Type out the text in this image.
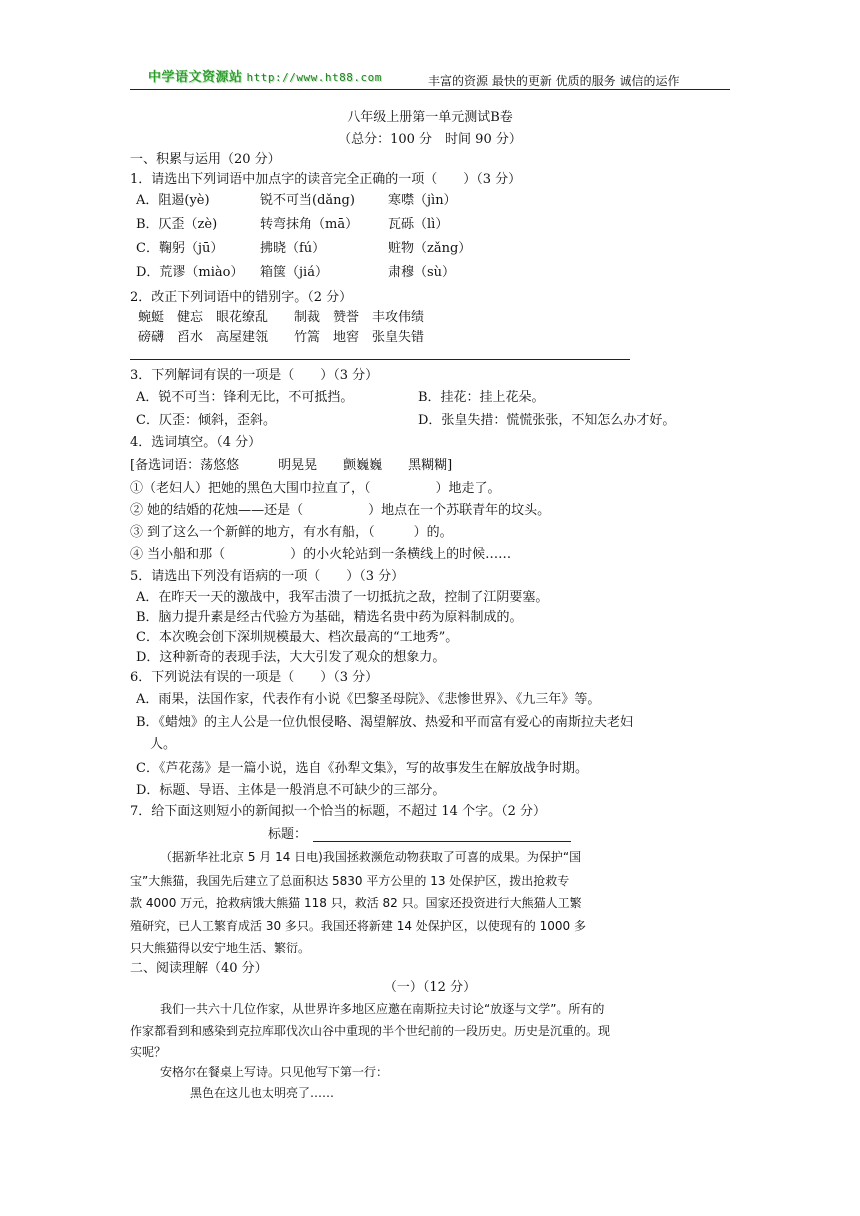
中学语文资源站 http://www.ht88.com	丰富的资源 最快的更新 优质的服务 诚信的运作
八年级上册第一单元测试B卷
（总分：100 分　时间 90 分）
一、积累与运用（20 分）
1．请选出下列词语中加点字的读音完全正确的一项（　　）（3 分）
A．阻遏(yè)	锐不可当(dǎng)	寒噤（jìn）
B．仄歪（zè)	转弯抹角（mā） 瓦砾（lì）
C．鞠躬（jū）	拂晓（fú）	赃物（zǎng）
D．荒谬（miào） 箱箧（jiá）	肃穆（sù）
2．改正下列词语中的错别字。（2 分）
蜿蜓　健忘　眼花缭乱　　制裁　赞誉　丰攻伟绩
磅礴　舀水　高屋建瓴　　竹篙　地窖　张皇失错
3．下列解词有误的一项是（　　）（3 分）
A．锐不可当：锋利无比，不可抵挡。	B．挂花：挂上花朵。
C．仄歪：倾斜，歪斜。	D．张皇失措：慌慌张张，不知怎么办才好。
4．选词填空。（4 分）
[备选词语：荡悠悠　　　明晃晃　　颤巍巍　　黑糊糊]
①（老妇人）把她的黑色大围巾拉直了，（　　　　　）地走了。
② 她的结婚的花烛——还是（　　　　　）地点在一个苏联青年的坟头。
③ 到了这么一个新鲜的地方，有水有船，（　　　）的。
④ 当小船和那（　　　　　）的小火轮站到一条横线上的时候……
5．请选出下列没有语病的一项（　　）（3 分）
A．在昨天一天的激战中，我军击溃了一切抵抗之敌，控制了江阴要塞。
B．脑力提升素是经古代验方为基础，精选名贵中药为原料制成的。
C．本次晚会创下深圳规模最大、档次最高的“工地秀”。
D．这种新奇的表现手法，大大引发了观众的想象力。
6．下列说法有误的一项是（　　）（3 分）
A．雨果，法国作家，代表作有小说《巴黎圣母院》、《悲惨世界》、《九三年》等。
B．《蜡烛》的主人公是一位仇恨侵略、渴望解放、热爱和平而富有爱心的南斯拉夫老妇
人。
C．《芦花荡》是一篇小说，选自《孙犁文集》，写的故事发生在解放战争时期。
D．标题、导语、主体是一般消息不可缺少的三部分。
7．给下面这则短小的新闻拟一个恰当的标题，不超过 14 个字。（2 分）
标题：
（据新华社北京 5 月 14 日电)我国拯救濒危动物获取了可喜的成果。为保护“国
宝”大熊猫，我国先后建立了总面积达 5830 平方公里的 13 处保护区，拨出抢救专
款 4000 万元，抢救病饿大熊猫 118 只，救活 82 只。国家还投资进行大熊猫人工繁
殖研究，已人工繁育成活 30 多只。我国还将新建 14 处保护区，以使现有的 1000 多
只大熊猫得以安宁地生活、繁衍。
二、阅读理解（40 分）
（一）（12 分）
我们一共六十几位作家，从世界许多地区应邀在南斯拉夫讨论“放逐与文学”。所有的
作家都看到和感染到克拉库耶伐次山谷中重现的半个世纪前的一段历史。历史是沉重的。现
实呢？
安格尔在餐桌上写诗。只见他写下第一行：
黑色在这儿也太明亮了……
